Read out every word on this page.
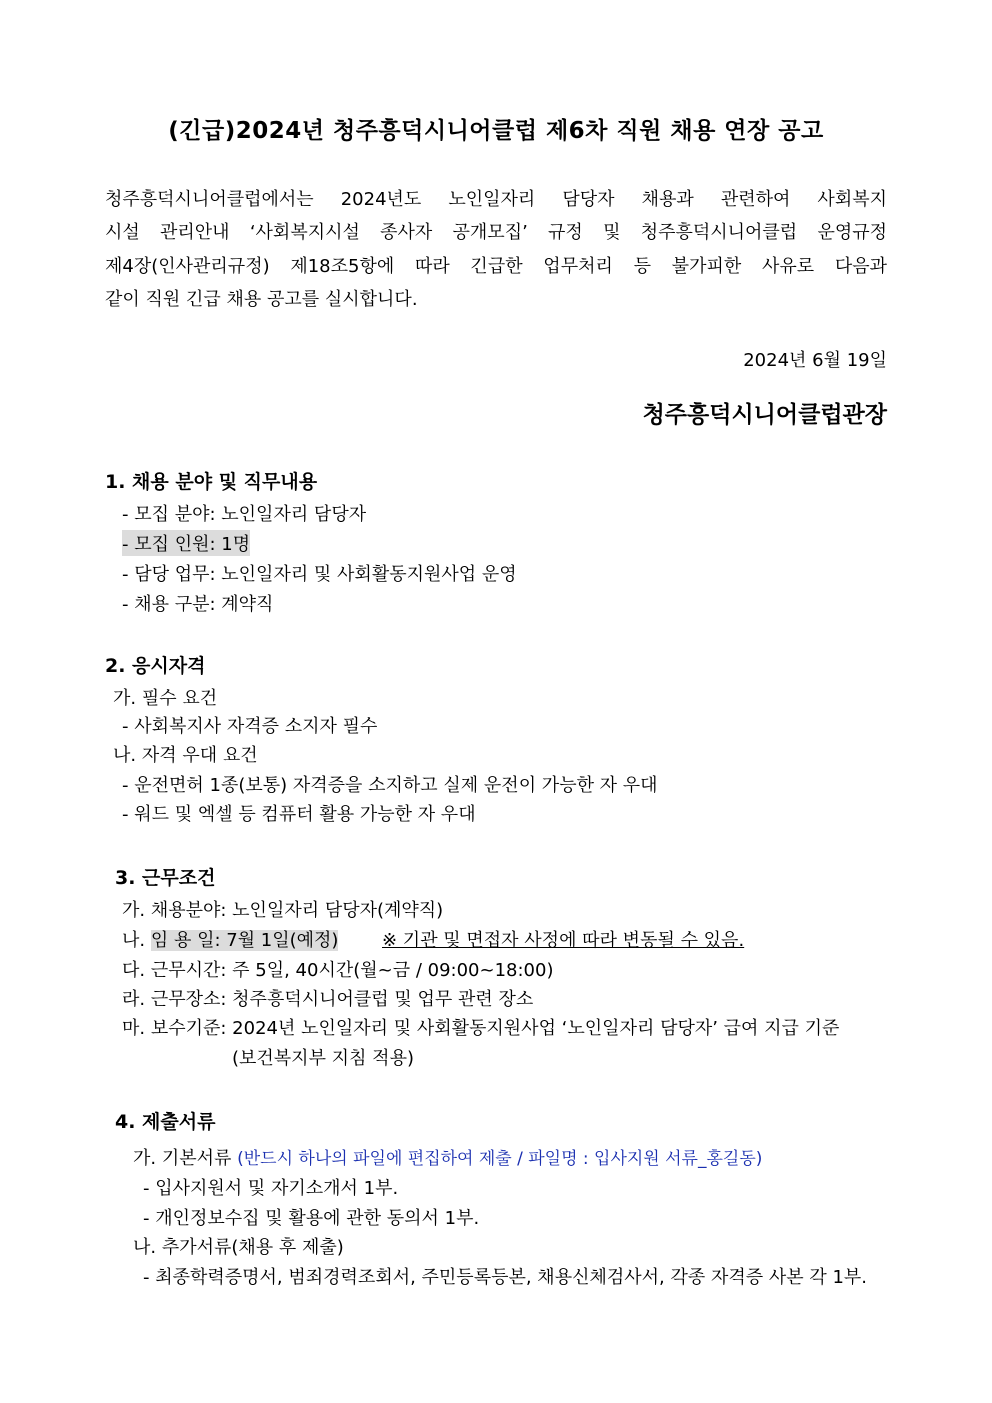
(긴급)2024년 청주흥덕시니어클럽 제6차 직원 채용 연장 공고
청주흥덕시니어클럽에서는 2024년도 노인일자리 담당자 채용과 관련하여 사회복지
시설 관리안내 ‘사회복지시설 종사자 공개모집’ 규정 및 청주흥덕시니어클럽 운영규정
제4장(인사관리규정) 제18조5항에 따라 긴급한 업무처리 등 불가피한 사유로 다음과
같이 직원 긴급 채용 공고를 실시합니다.
2024년 6월 19일
청주흥덕시니어클럽관장
1. 채용 분야 및 직무내용
- 모집 분야: 노인일자리 담당자
- 모집 인원: 1명
- 담당 업무: 노인일자리 및 사회활동지원사업 운영
- 채용 구분: 계약직
2. 응시자격
가. 필수 요건
- 사회복지사 자격증 소지자 필수
나. 자격 우대 요건
- 운전면허 1종(보통) 자격증을 소지하고 실제 운전이 가능한 자 우대
- 워드 및 엑셀 등 컴퓨터 활용 가능한 자 우대
3. 근무조건
가. 채용분야: 노인일자리 담당자(계약직)
나. 임 용 일: 7월 1일(예정) ※ 기관 및 면접자 사정에 따라 변동될 수 있음.
다. 근무시간: 주 5일, 40시간(월~금 / 09:00~18:00)
라. 근무장소: 청주흥덕시니어클럽 및 업무 관련 장소
마. 보수기준: 2024년 노인일자리 및 사회활동지원사업 ‘노인일자리 담당자’ 급여 지급 기준
(보건복지부 지침 적용)
4. 제출서류
가. 기본서류 (반드시 하나의 파일에 편집하여 제출 / 파일명 : 입사지원 서류_홍길동)
- 입사지원서 및 자기소개서 1부.
- 개인정보수집 및 활용에 관한 동의서 1부.
나. 추가서류(채용 후 제출)
- 최종학력증명서, 범죄경력조회서, 주민등록등본, 채용신체검사서, 각종 자격증 사본 각 1부.
